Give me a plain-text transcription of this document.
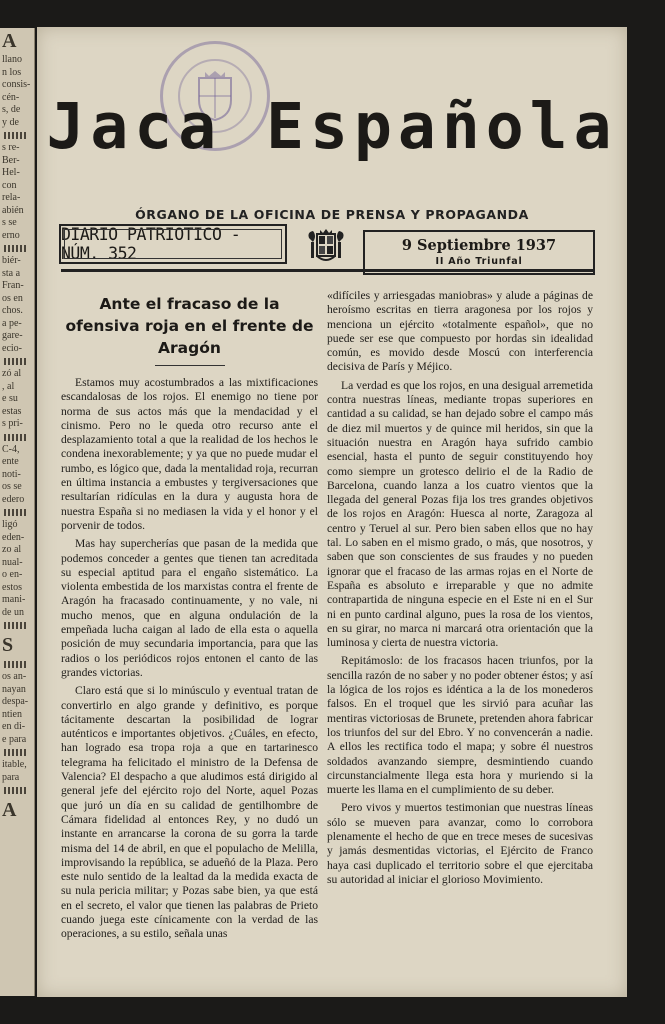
A
llano
n los
consis-
cén-
s, de
y de
s re-
Ber-
Hel-
con
rela-
abién
s se
erno
biér-
sta a
Fran-
os en
chos.
a pe-
gare-
ecio-
zó al
, al
e su
estas
s pri-
C-4,
ente
noti-
os se
edero
ligó
eden-
zo al
nual-
o en-
estos
mani-
de un
S
os an-
nayan
despa-
ntien
en di-
e para
itable,
para
A
Jaca Española
ÓRGANO DE LA OFICINA DE PRENSA Y PROPAGANDA
DIARIO PATRIOTICO - NÚM. 352	9 Septiembre 1937
II Año Triunfal
Ante el fracaso de la ofensiva roja en el frente de Aragón

Estamos muy acostumbrados a las mixtificaciones escandalosas de los rojos. El enemigo no tiene por norma de sus actos más que la mendacidad y el cinismo. Pero no le queda otro recurso ante el desplazamiento total a que la realidad de los hechos le condena inexorablemente; y ya que no puede mudar el rumbo, es lógico que, dada la mentalidad roja, recurran en última instancia a embustes y tergiversaciones que resultarían ridículas en la dura y augusta hora de nuestra España si no mediasen la vida y el honor y el porvenir de todos.

Mas hay supercherías que pasan de la medida que podemos conceder a gentes que tienen tan acreditada su especial aptitud para el engaño sistemático. La violenta embestida de los marxistas contra el frente de Aragón ha fracasado continuamente, y no vale, ni mucho menos, que en alguna ondulación de la empeñada lucha caigan al lado de ella esta o aquella posición de muy secundaria importancia, para que las radios o los periódicos rojos entonen el canto de las grandes victorias.

Claro está que si lo minúsculo y eventual tratan de convertirlo en algo grande y definitivo, es porque tácitamente descartan la posibilidad de lograr auténticos e importantes objetivos. ¿Cuáles, en efecto, han logrado esa tropa roja a que en tartarinesco telegrama ha felicitado el ministro de la Defensa de Valencia? El despacho a que aludimos está dirigido al general jefe del ejército rojo del Norte, aquel Pozas que juró un día en su calidad de gentilhombre de Cámara fidelidad al entonces Rey, y no dudó un instante en arrancarse la corona de su gorra la tarde misma del 14 de abril, en que el populacho de Melilla, improvisando la república, se adueñó de la Plaza. Pero este nulo sentido de la lealtad da la medida exacta de su nula pericia militar; y Pozas sabe bien, ya que está en el secreto, el valor que tienen las palabras de Prieto cuando juega este cínicamente con la verdad de las operaciones, a su estilo, señala unas

«difíciles y arriesgadas maniobras» y alude a páginas de heroísmo escritas en tierra aragonesa por los rojos y menciona un ejército «totalmente español», que no puede ser ese que compuesto por hordas sin idealidad común, es movido desde Moscú con interferencia decisiva de París y Méjico.

La verdad es que los rojos, en una desigual arremetida contra nuestras líneas, mediante tropas superiores en cantidad a su calidad, se han dejado sobre el campo más de diez mil muertos y de quince mil heridos, sin que la situación nuestra en Aragón haya sufrido cambio esencial, hasta el punto de seguir constituyendo hoy como siempre un grotesco delirio el de la Radio de Barcelona, cuando lanza a los cuatro vientos que la llegada del general Pozas fija los tres grandes objetivos de los rojos en Aragón: Huesca al norte, Zaragoza al centro y Teruel al sur. Pero bien saben ellos que no hay tal. Lo saben en el mismo grado, o más, que nosotros, y saben que son conscientes de sus fraudes y no pueden ignorar que el fracaso de las armas rojas en el Norte de España es absoluto e irreparable y que no admite contrapartida de ninguna especie en el Este ni en el Sur ni en punto cardinal alguno, pues la rosa de los vientos, en su girar, no marca ni marcará otra orientación que la luminosa y cierta de nuestra victoria.

Repitámoslo: de los fracasos hacen triunfos, por la sencilla razón de no saber y no poder obtener éstos; y así la lógica de los rojos es idéntica a la de los monederos falsos. En el troquel que les sirvió para acuñar las mentiras victoriosas de Brunete, pretenden ahora fabricar los triunfos del sur del Ebro. Y no convencerán a nadie. A ellos les rectifica todo el mapa; y sobre él nuestros soldados avanzando siempre, desmintiendo cuando circunstancialmente llega esta hora y muriendo si la muerte les llama en el cumplimiento de su deber.

Pero vivos y muertos testimonian que nuestras líneas sólo se mueven para avanzar, como lo corrobora plenamente el hecho de que en trece meses de sucesivas y jamás desmentidas victorias, el Ejército de Franco haya casi duplicado el territorio sobre el que ejercitaba su autoridad al iniciar el glorioso Movimiento.
